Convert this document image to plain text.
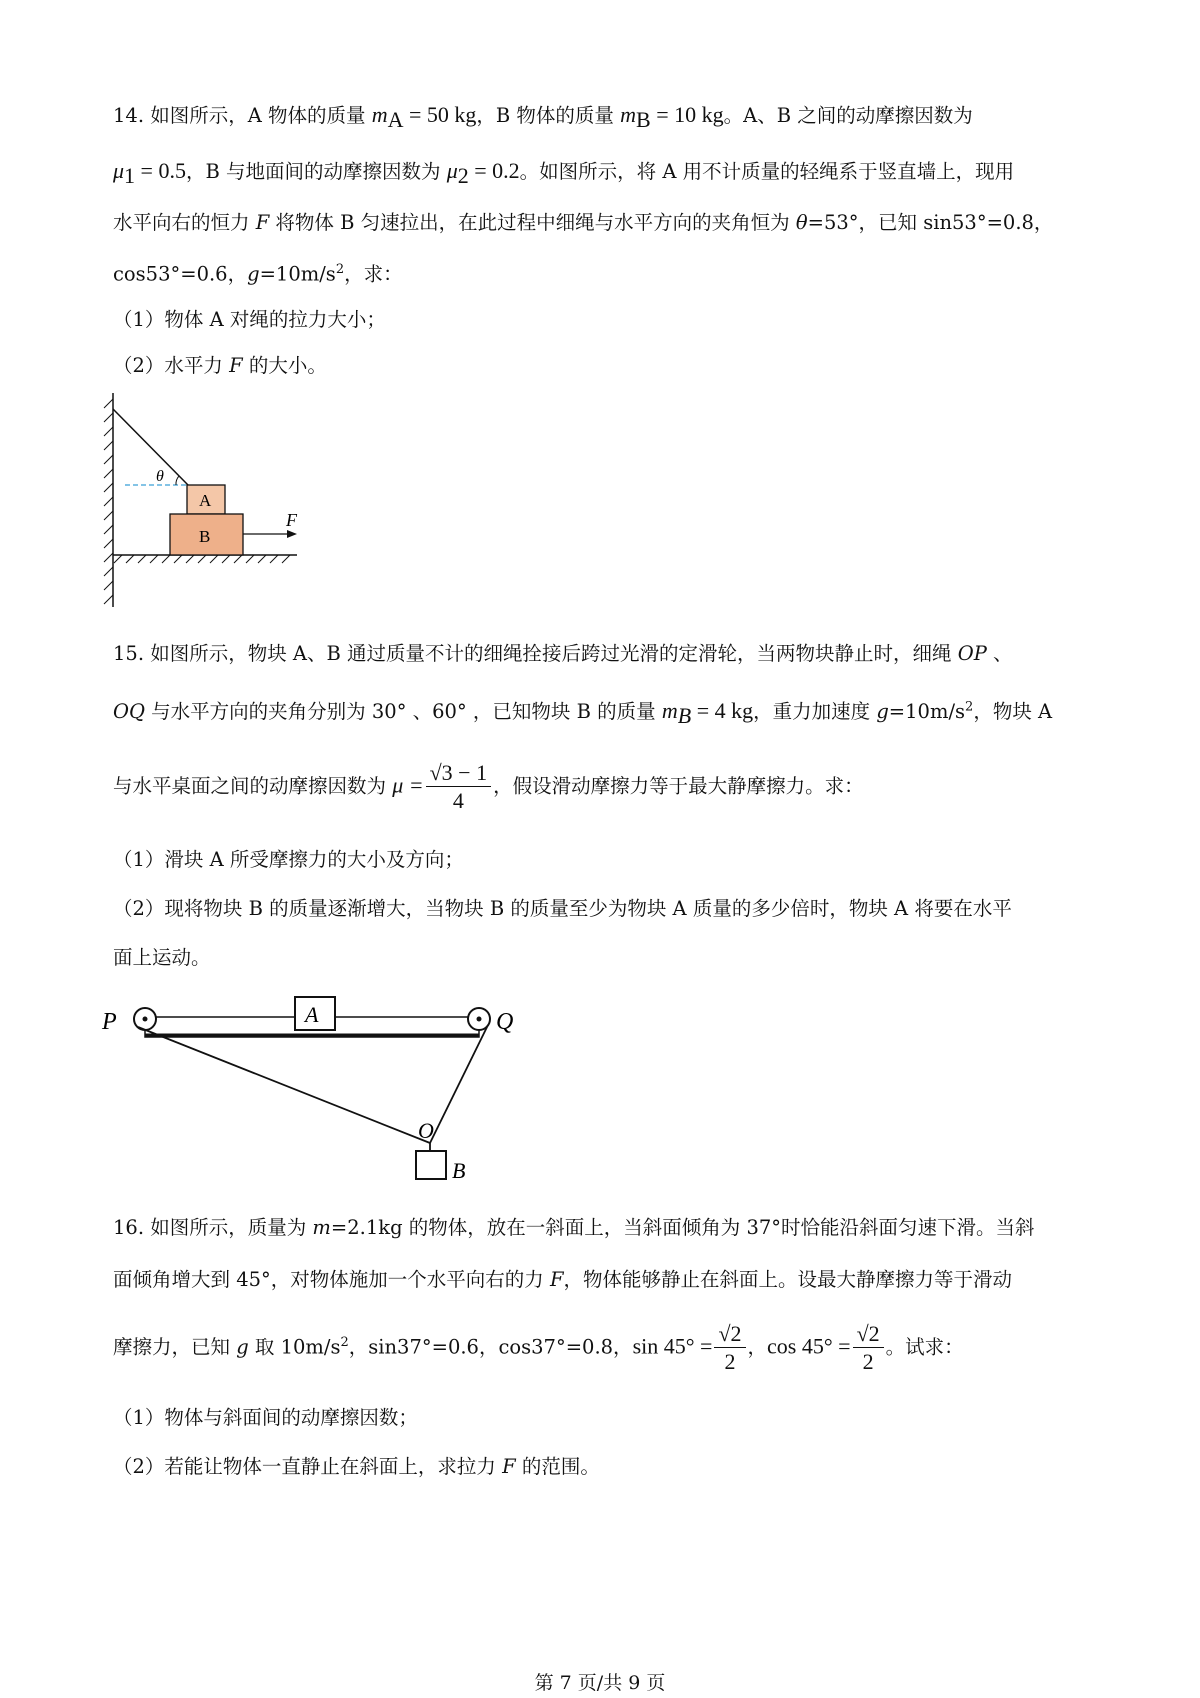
14. 如图所示，A 物体的质量 $m_A = 50$ kg，B 物体的质量 $m_B = 10$ kg。A、B 之间的动摩擦因数为
$\mu_1 = 0.5$，B 与地面间的动摩擦因数为 $\mu_2 = 0.2$。如图所示，将 A 用不计质量的轻绳系于竖直墙上，现用
水平向右的恒力 F 将物体 B 匀速拉出，在此过程中细绳与水平方向的夹角恒为 θ=53°，已知 sin53°=0.8，
cos53°=0.6，$g=10m/s^2$，求：
（1）物体 A 对绳的拉力大小；
（2）水平力 F 的大小。
θ
A
B
F
15. 如图所示，物块 A、B 通过质量不计的细绳拴接后跨过光滑的定滑轮，当两物块静止时，细绳 OP 、
OQ 与水平方向的夹角分别为 30° 、60° ，已知物块 B 的质量 $m_B = 4$ kg，重力加速度 $g=10m/s^2$，物块 A
与水平桌面之间的动摩擦因数为 $\mu = \frac{√3 - 1}{4}$ ，假设滑动摩擦力等于最大静摩擦力。求：
（1）滑块 A 所受摩擦力的大小及方向；
（2）现将物块 B 的质量逐渐增大，当物块 B 的质量至少为物块 A 质量的多少倍时，物块 A 将要在水平
面上运动。
A
P	Q
O
B
16. 如图所示，质量为 m=2.1kg 的物体，放在一斜面上，当斜面倾角为 37°时恰能沿斜面匀速下滑。当斜
面倾角增大到 45°，对物体施加一个水平向右的力 F，物体能够静止在斜面上。设最大静摩擦力等于滑动
摩擦力，已知 g 取 $10m/s^2$，sin37°=0.6，cos37°=0.8，$\sin 45^\circ = \frac{√2}{2}$ ，$\cos 45^\circ = \frac{√2}{2}$ 。试求：
（1）物体与斜面间的动摩擦因数；
（2）若能让物体一直静止在斜面上，求拉力 F 的范围。
第 7 页/共 9 页
